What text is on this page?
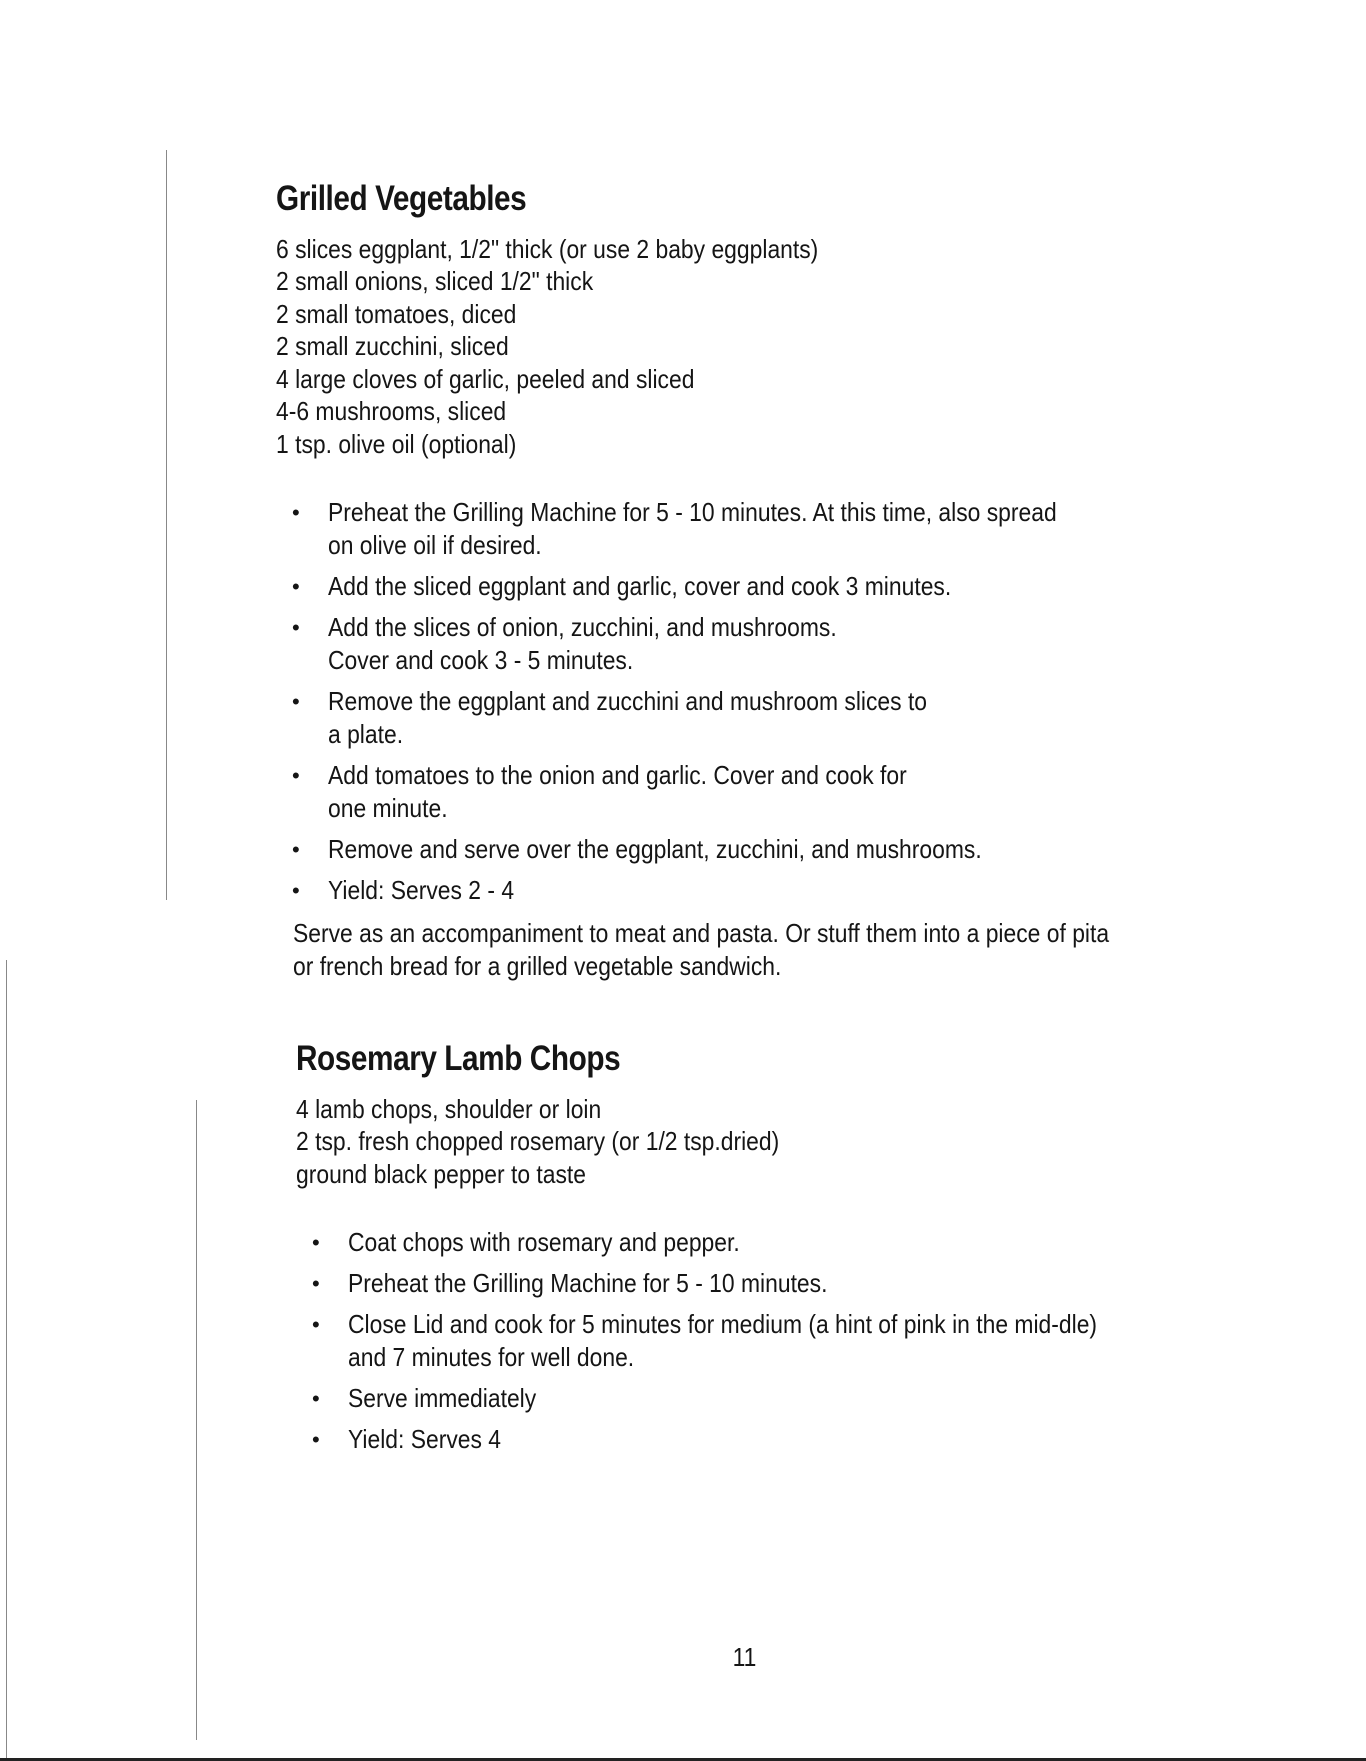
Grilled Vegetables
6 slices eggplant, 1/2" thick (or use 2 baby eggplants)
2 small onions, sliced 1/2" thick
2 small tomatoes, diced
2 small zucchini, sliced
4 large cloves of garlic, peeled and sliced
4-6 mushrooms, sliced
1 tsp. olive oil (optional)
• Preheat the Grilling Machine for 5 - 10 minutes. At this time, also spread on olive oil if desired.
• Add the sliced eggplant and garlic, cover and cook 3 minutes.
• Add the slices of onion, zucchini, and mushrooms. Cover and cook 3 - 5 minutes.
• Remove the eggplant and zucchini and mushroom slices to a plate.
• Add tomatoes to the onion and garlic. Cover and cook for one minute.
• Remove and serve over the eggplant, zucchini, and mushrooms.
• Yield: Serves 2 - 4

Serve as an accompaniment to meat and pasta. Or stuff them into a piece of pita or french bread for a grilled vegetable sandwich.

Rosemary Lamb Chops
4 lamb chops, shoulder or loin
2 tsp. fresh chopped rosemary (or 1/2 tsp.dried)
ground black pepper to taste
• Coat chops with rosemary and pepper.
• Preheat the Grilling Machine for 5 - 10 minutes.
• Close Lid and cook for 5 minutes for medium (a hint of pink in the mid-dle) and 7 minutes for well done.
• Serve immediately
• Yield: Serves 4
11
